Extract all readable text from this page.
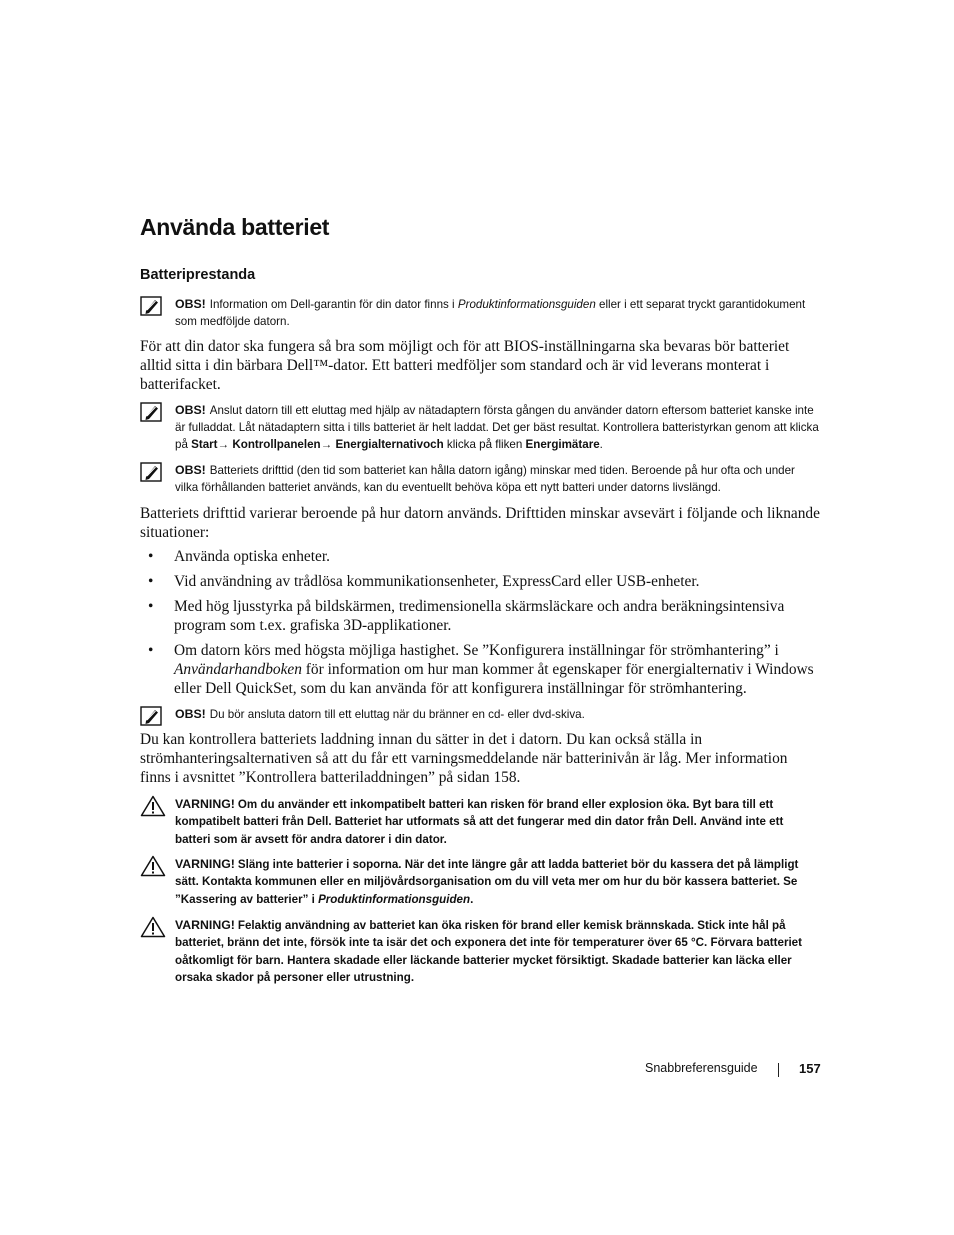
Använda batteriet
Batteriprestanda
OBS! Information om Dell-garantin för din dator finns i Produktinformationsguiden eller i ett separat tryckt garantidokument som medföljde datorn.
För att din dator ska fungera så bra som möjligt och för att BIOS-inställningarna ska bevaras bör batteriet alltid sitta i din bärbara Dell™-dator. Ett batteri medföljer som standard och är vid leverans monterat i batterifacket.
OBS! Anslut datorn till ett eluttag med hjälp av nätadaptern första gången du använder datorn eftersom batteriet kanske inte är fulladdat. Låt nätadaptern sitta i tills batteriet är helt laddat. Det ger bäst resultat. Kontrollera batteristyrkan genom att klicka på Start→ Kontrollpanelen→ Energialternativoch klicka på fliken Energimätare.
OBS! Batteriets drifttid (den tid som batteriet kan hålla datorn igång) minskar med tiden. Beroende på hur ofta och under vilka förhållanden batteriet används, kan du eventuellt behöva köpa ett nytt batteri under datorns livslängd.
Batteriets drifttid varierar beroende på hur datorn används. Drifttiden minskar avsevärt i följande och liknande situationer:
• Använda optiska enheter.
• Vid användning av trådlösa kommunikationsenheter, ExpressCard eller USB-enheter.
• Med hög ljusstyrka på bildskärmen, tredimensionella skärmsläckare och andra beräkningsintensiva program som t.ex. grafiska 3D-applikationer.
• Om datorn körs med högsta möjliga hastighet. Se ”Konfigurera inställningar för strömhantering” i Användarhandboken för information om hur man kommer åt egenskaper för energialternativ i Windows eller Dell QuickSet, som du kan använda för att konfigurera inställningar för strömhantering.
OBS! Du bör ansluta datorn till ett eluttag när du bränner en cd- eller dvd-skiva.
Du kan kontrollera batteriets laddning innan du sätter in det i datorn. Du kan också ställa in strömhanteringsalternativen så att du får ett varningsmeddelande när batterinivån är låg. Mer information finns i avsnittet ”Kontrollera batteriladdningen” på sidan 158.
VARNING! Om du använder ett inkompatibelt batteri kan risken för brand eller explosion öka. Byt bara till ett kompatibelt batteri från Dell. Batteriet har utformats så att det fungerar med din dator från Dell. Använd inte ett batteri som är avsett för andra datorer i din dator.
VARNING! Släng inte batterier i soporna. När det inte längre går att ladda batteriet bör du kassera det på lämpligt sätt. Kontakta kommunen eller en miljövårdsorganisation om du vill veta mer om hur du bör kassera batteriet. Se ”Kassering av batterier” i Produktinformationsguiden.
VARNING! Felaktig användning av batteriet kan öka risken för brand eller kemisk brännskada. Stick inte hål på batteriet, bränn det inte, försök inte ta isär det och exponera det inte för temperaturer över 65 °C. Förvara batteriet oåtkomligt för barn. Hantera skadade eller läckande batterier mycket försiktigt. Skadade batterier kan läcka eller orsaka skador på personer eller utrustning.
Snabbreferensguide	157
